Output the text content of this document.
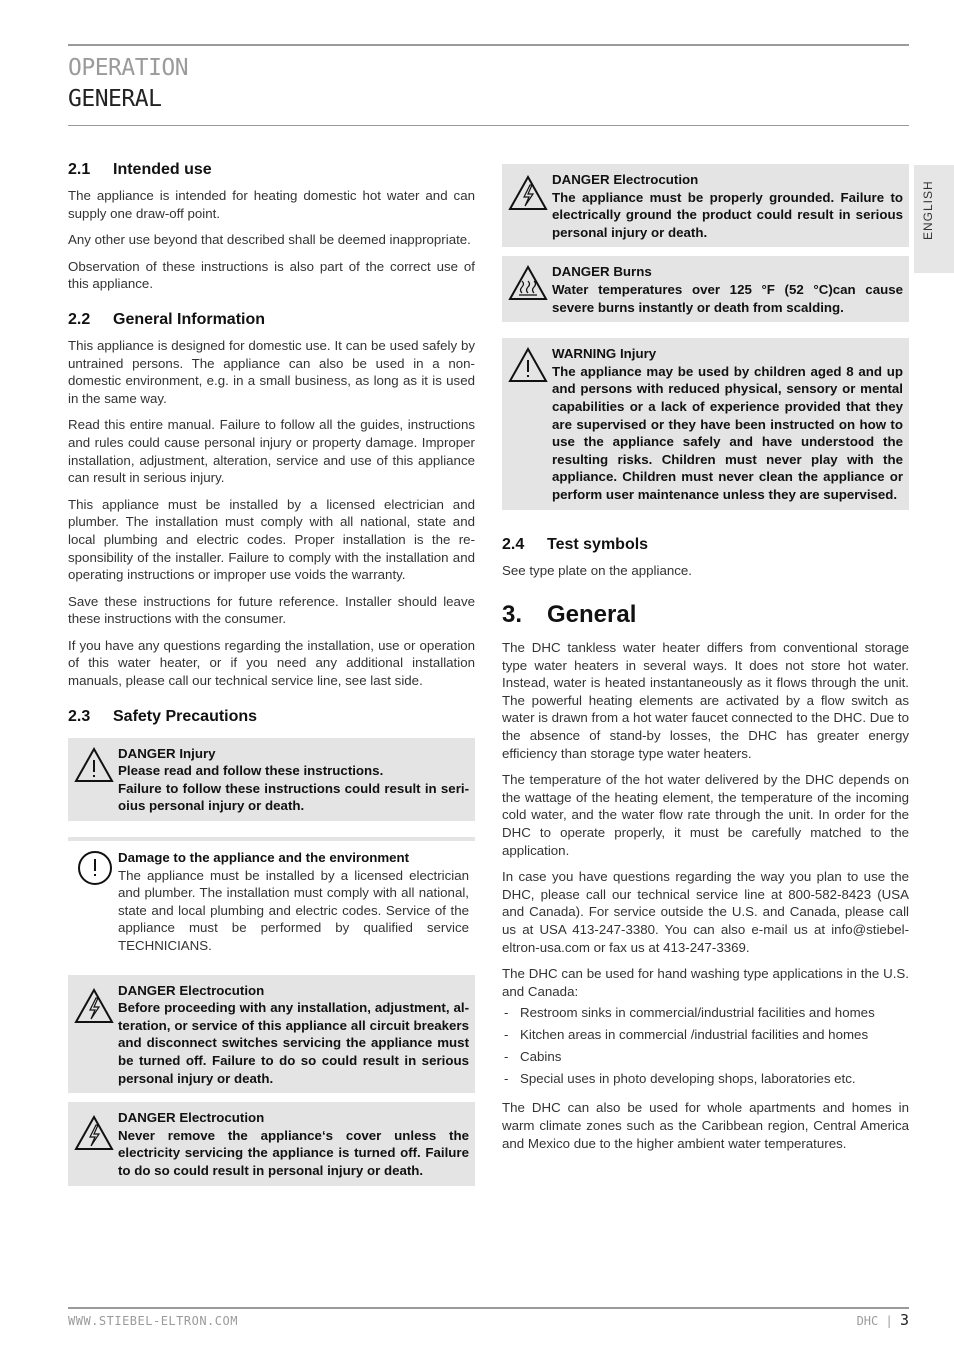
OPERATION
GENERAL
ENGLISH
2.1 Intended use

The appliance is intended for heating domestic hot water and can supply one draw-off point.

Any other use beyond that described shall be deemed inappropriate.

Observation of these instructions is also part of the correct use of this appliance.

2.2 General Information

This appliance is designed for domestic use. It can be used safely by untrained persons. The appliance can also be used in a non-domestic environment, e.g. in a small business, as long as it is used in the same way.

Read this entire manual. Failure to follow all the guides, instructions and rules could cause personal injury or property damage. Improper installation, adjustment, alteration, service and use of this appliance can result in serious injury.

This appliance must be installed by a licensed electrician and plumber. The installation must comply with all national, state and local plumbing and electric codes. Proper installation is the responsibility of the installer. Failure to comply with the installation and operating instructions or improper use voids the warranty.

Save these instructions for future reference. Installer should leave these instructions with the consumer.

If you have any questions regarding the installation, use or operation of this water heater, or if you need any additional installation manuals, please call our technical service line, see last side.

2.3 Safety Precautions
DANGER Injury
Please read and follow these instructions.
Failure to follow these instructions could result in serioius personal injury or death.
Damage to the appliance and the environment
The appliance must be installed by a licensed electrician and plumber. The installation must comply with all national, state and local plumbing and electric codes. Service of the appliance must be performed by qualified service TECHNICIANS.
DANGER Electrocution
Before proceeding with any installation, adjustment, alteration, or service of this appliance all circuit breakers and disconnect switches servicing the appliance must be turned off. Failure to do so could result in serious personal injury or death.
DANGER Electrocution
Never remove the appliance‘s cover unless the electricity servicing the appliance is turned off. Failure to do so could result in personal injury or death.
DANGER Electrocution
The appliance must be properly grounded. Failure to electrically ground the product could result in serious personal injury or death.
DANGER Burns
Water temperatures over 125 °F (52 °C)can cause severe burns instantly or death from scalding.
WARNING Injury
The appliance may be used by children aged 8 and up and persons with reduced physical, sensory or mental capabilities or a lack of experience provided that they are supervised or they have been instructed on how to use the appliance safely and have understood the resulting risks. Children must never play with the appliance. Children must never clean the appliance or perform user maintenance unless they are supervised.
2.4 Test symbols

See type plate on the appliance.

3. General

The DHC tankless water heater differs from conventional storage type water heaters in several ways. It does not store hot water. Instead, water is heated instantaneously as it flows through the unit. The powerful heating elements are activated by a flow switch as water is drawn from a hot water faucet connected to the DHC. Due to the absence of stand-by losses, the DHC has greater energy efficiency than storage type water heaters.

The temperature of the hot water delivered by the DHC depends on the wattage of the heating element, the temperature of the incoming cold water, and the water flow rate through the unit. In order for the DHC to operate properly, it must be carefully matched to the application.

In case you have questions regarding the way you plan to use the DHC, please call our technical service line at 800-582-8423 (USA and Canada). For service outside the U.S. and Canada, please call us at USA 413-247-3380. You can also e-mail us at info@stiebel-eltron-usa.com or fax us at 413-247-3369.

The DHC can be used for hand washing type applications in the U.S. and Canada:

- Restroom sinks in commercial/industrial facilities and homes
- Kitchen areas in commercial /industrial facilities and homes
- Cabins
- Special uses in photo developing shops, laboratories etc.

The DHC can also be used for whole apartments and homes in warm climate zones such as the Caribbean region, Central America and Mexico due to the higher ambient water temperatures.

WWW.STIEBEL-ELTRON.COM	DHC | 3
